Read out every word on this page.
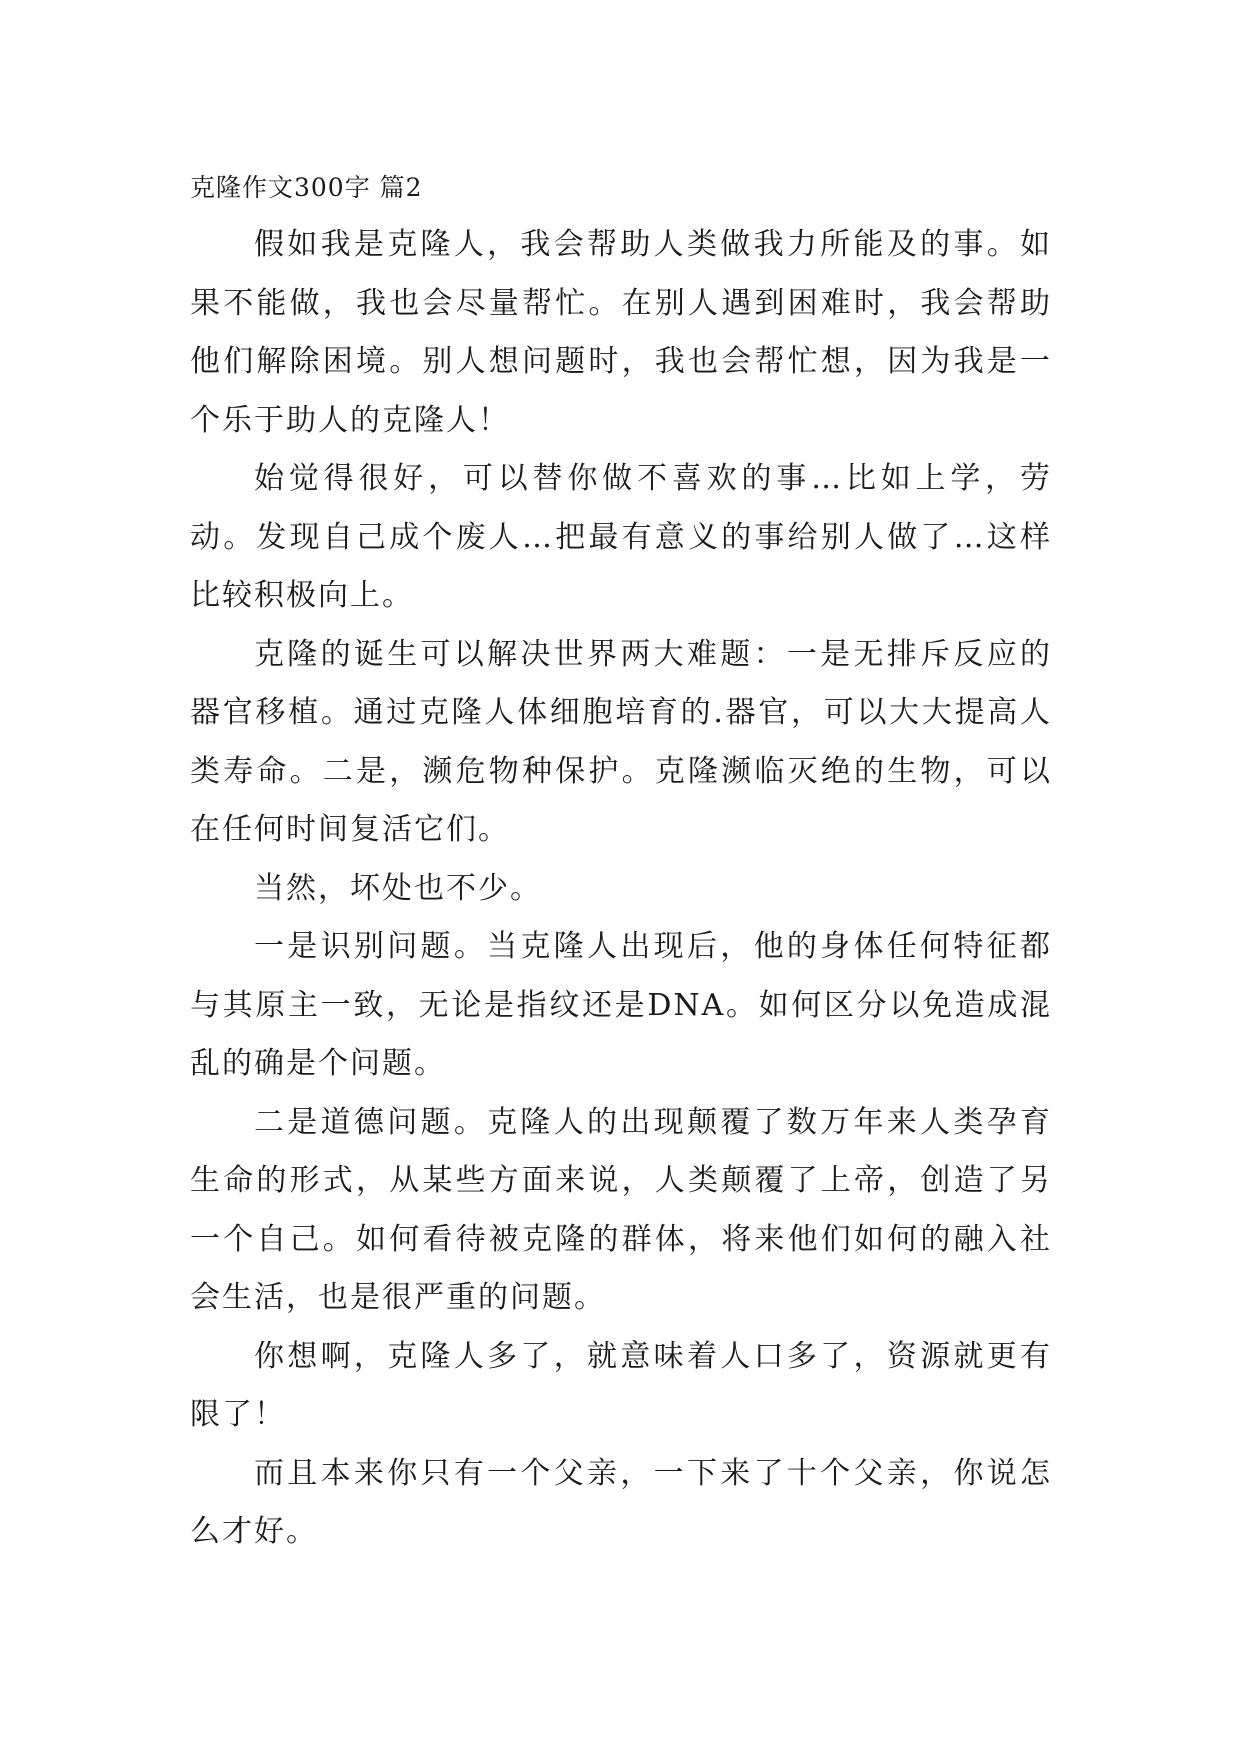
克隆作文300字 篇2

假如我是克隆人，我会帮助人类做我力所能及的事。如果不能做，我也会尽量帮忙。在别人遇到困难时，我会帮助他们解除困境。别人想问题时，我也会帮忙想，因为我是一个乐于助人的克隆人！

始觉得很好，可以替你做不喜欢的事…比如上学，劳动。发现自己成个废人…把最有意义的事给别人做了…这样比较积极向上。

克隆的诞生可以解决世界两大难题：一是无排斥反应的器官移植。通过克隆人体细胞培育的.器官，可以大大提高人类寿命。二是，濒危物种保护。克隆濒临灭绝的生物，可以在任何时间复活它们。

当然，坏处也不少。

一是识别问题。当克隆人出现后，他的身体任何特征都与其原主一致，无论是指纹还是DNA。如何区分以免造成混乱的确是个问题。

二是道德问题。克隆人的出现颠覆了数万年来人类孕育生命的形式，从某些方面来说，人类颠覆了上帝，创造了另一个自己。如何看待被克隆的群体，将来他们如何的融入社会生活，也是很严重的问题。

你想啊，克隆人多了，就意味着人口多了，资源就更有限了！

而且本来你只有一个父亲，一下来了十个父亲，你说怎么才好。
